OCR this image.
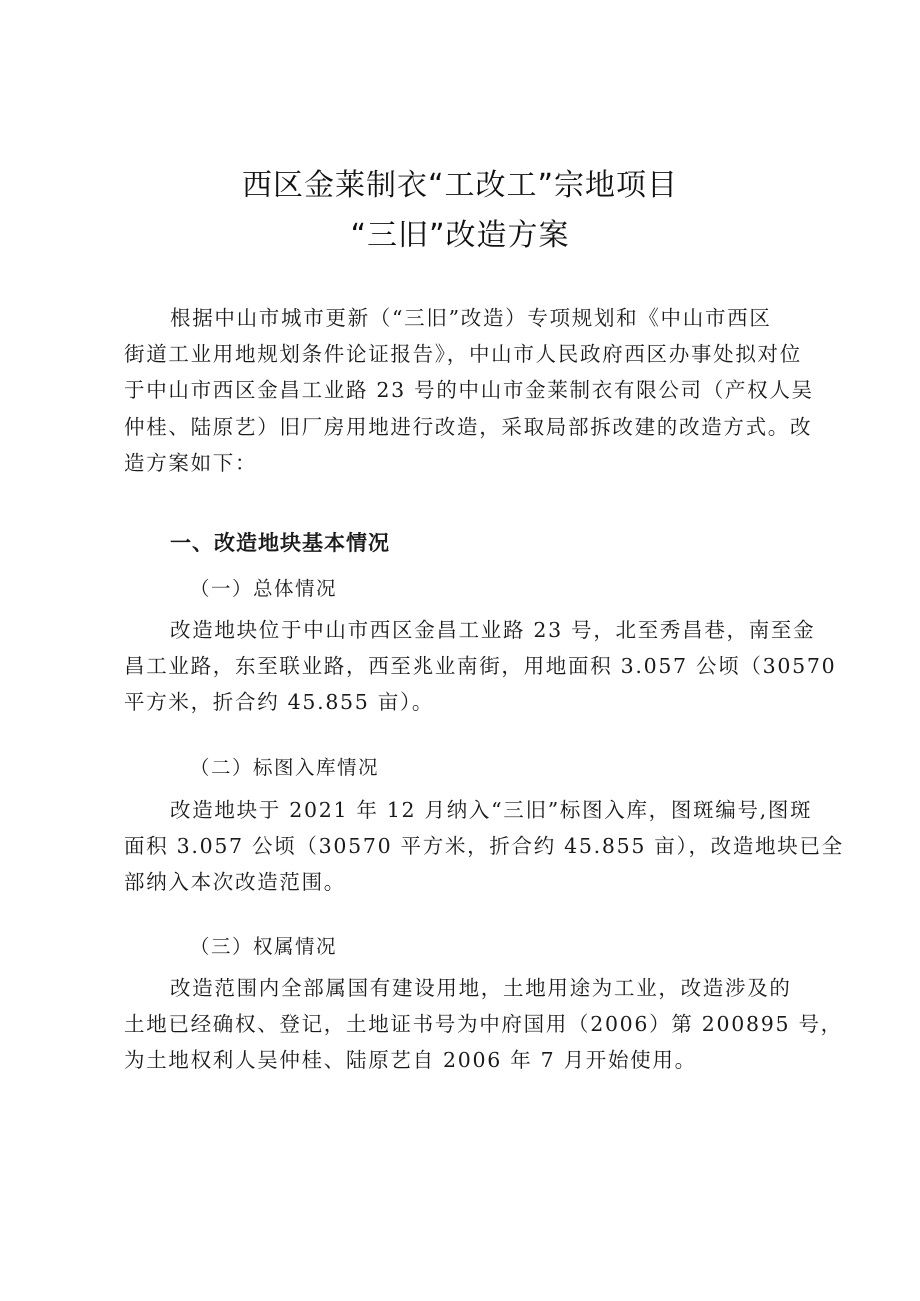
西区金莱制衣“工改工”宗地项目
“三旧”改造方案
根据中山市城市更新（“三旧”改造）专项规划和《中山市西区
街道工业用地规划条件论证报告》，中山市人民政府西区办事处拟对位
于中山市西区金昌工业路 23 号的中山市金莱制衣有限公司（产权人吴
仲桂、陆原艺）旧厂房用地进行改造，采取局部拆改建的改造方式。改
造方案如下：
一、改造地块基本情况
（一）总体情况
改造地块位于中山市西区金昌工业路 23 号，北至秀昌巷，南至金
昌工业路，东至联业路，西至兆业南街，用地面积 3.057 公顷（30570
平方米，折合约 45.855 亩）。
（二）标图入库情况
改造地块于 2021 年 12 月纳入“三旧”标图入库，图斑编号,图斑
面积 3.057 公顷（30570 平方米，折合约 45.855 亩），改造地块已全
部纳入本次改造范围。
（三）权属情况
改造范围内全部属国有建设用地，土地用途为工业，改造涉及的
土地已经确权、登记，土地证书号为中府国用（2006）第 200895 号，
为土地权利人吴仲桂、陆原艺自 2006 年 7 月开始使用。
